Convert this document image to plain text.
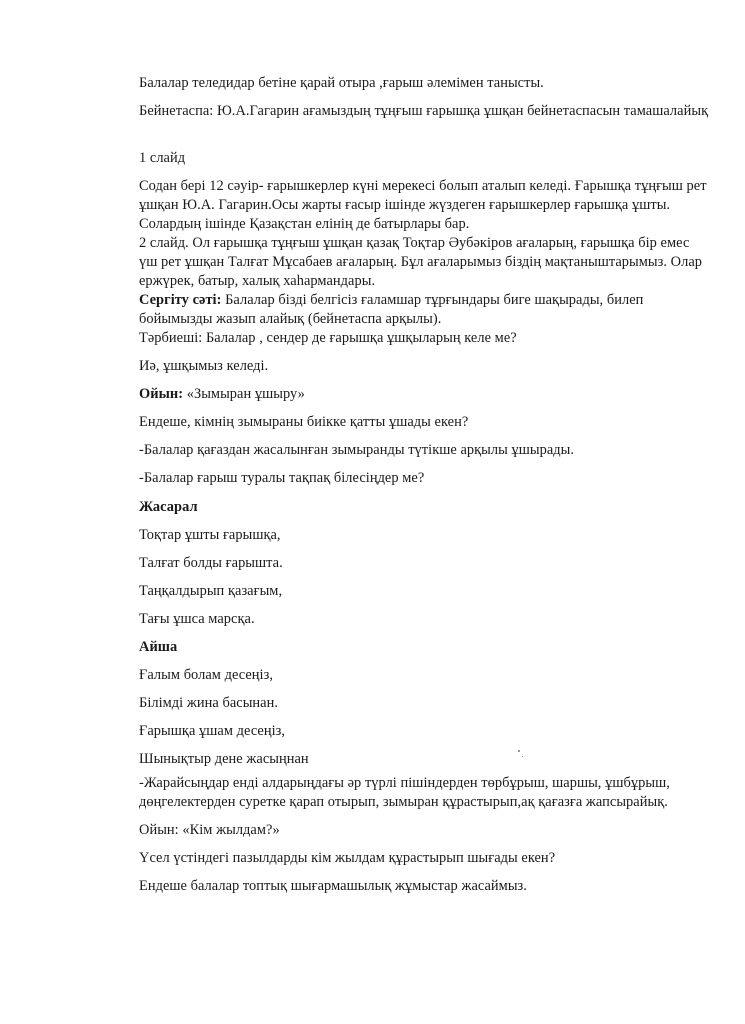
Балалар теледидар бетіне қарай отыра ,ғарыш әлемімен танысты.

Бейнетаспа: Ю.А.Гагарин ағамыздың тұңғыш ғарышқа ұшқан бейнетаспасын тамашалайық

1 слайд

Содан бері 12 сәуір- ғарышкерлер күні мерекесі болып аталып келеді. Ғарышқа тұңғыш рет ұшқан Ю.А. Гагарин.Осы жарты ғасыр ішінде жүздеген ғарышкерлер ғарышқа ұшты. Солардың ішінде Қазақстан елінің де батырлары бар.

2 слайд. Ол ғарышқа тұңғыш ұшқан қазақ Тоқтар Әубәкіров ағаларың, ғарышқа бір емес үш рет ұшқан Талғат Мұсабаев ағаларың. Бұл ағаларымыз біздің мақтаныштарымыз. Олар ержүрек, батыр, халық хаһармандары.

Сергіту сәті: Балалар бізді белгісіз ғаламшар тұрғындары биге шақырады, билеп бойымызды жазып алайық (бейнетаспа арқылы).

Тәрбиеші: Балалар , сендер де ғарышқа ұшқыларың келе ме?

Иә, ұшқымыз келеді.

Ойын: «Зымыран ұшыру»

Ендеше, кімнің зымыраны биікке қатты ұшады екен?

-Балалар қағаздан жасалынған зымыранды түтікше арқылы ұшырады.

-Балалар ғарыш туралы тақпақ білесіңдер ме?

Жасарал

Тоқтар ұшты ғарышқа,

Талғат болды ғарышта.

Таңқалдырып қазағым,

Тағы ұшса марсқа.

Айша

Ғалым болам десеңіз,

Білімді жина басынан.

Ғарышқа ұшам десеңіз,

Шынықтыр дене жасыңнан

-Жарайсыңдар енді алдарыңдағы әр түрлі пішіндерден төрбұрыш, шаршы, ұшбұрыш, дөңгелектерден суретке қарап отырып, зымыран құрастырып,ақ қағазға жапсырайық.

Ойын: «Кім жылдам?»

Үсел үстіндегі пазылдарды кім жылдам құрастырып шығады екен?

Ендеше балалар топтық шығармашылық жұмыстар жасаймыз.
